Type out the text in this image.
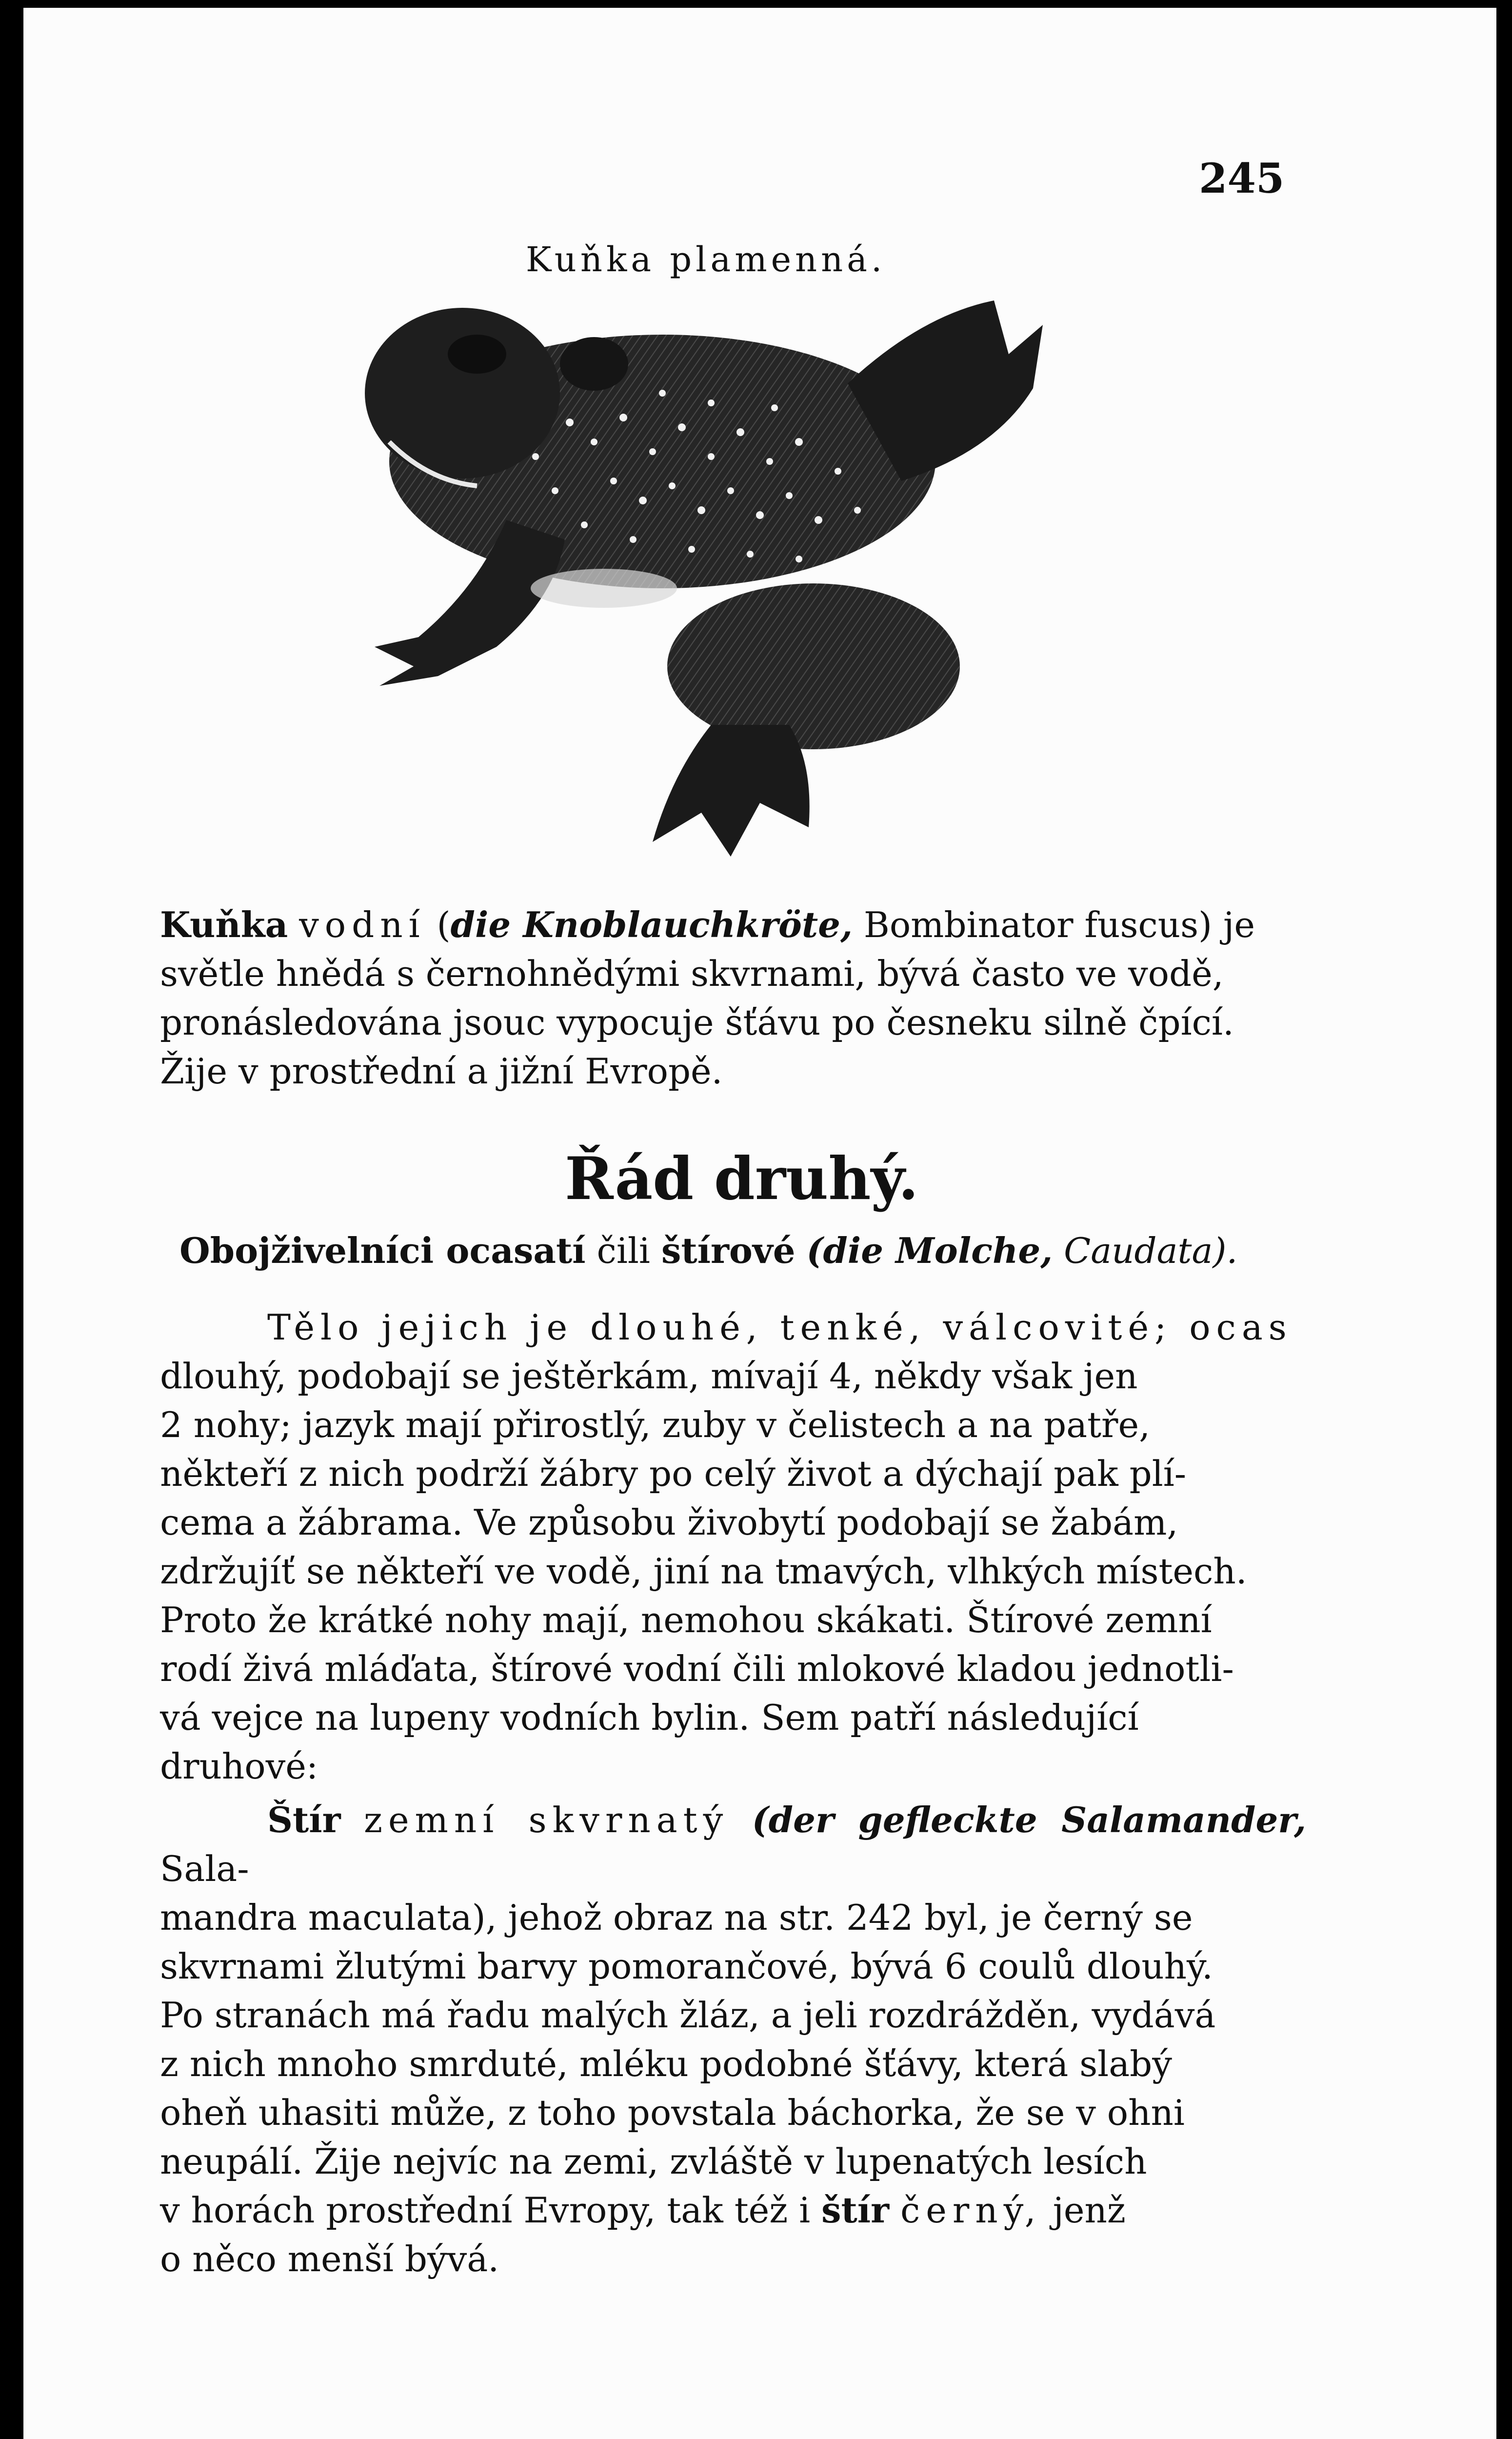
245
Kuňka plamenná.

Kuňka vodní (die Knoblauchkröte, Bombinator fuscus) je

světle hnědá s černohnědými skvrnami, bývá často ve vodě,

pronásledována jsouc vypocuje šťávu po česneku silně čpící.

Žije v prostřední a jižní Evropě.

Řád druhý.
Obojživelníci ocasatí čili štírové (die Molche, Caudata).

Tělo jejich je dlouhé, tenké, válcovité; ocas

dlouhý, podobají se ještěrkám, mívají 4, někdy však jen

2 nohy; jazyk mají přirostlý, zuby v čelistech a na patře,

někteří z nich podrží žábry po celý život a dýchají pak plí-

cema a žábrama. Ve způsobu živobytí podobají se žabám,

zdržujíť se někteří ve vodě, jiní na tmavých, vlhkých místech.

Proto že krátké nohy mají, nemohou skákati. Štírové zemní

rodí živá mláďata, štírové vodní čili mlokové kladou jednotli-

vá vejce na lupeny vodních bylin. Sem patří následující

druhové:

Štír zemní skvrnatý (der gefleckte Salamander, Sala-

mandra maculata), jehož obraz na str. 242 byl, je černý se

skvrnami žlutými barvy pomorančové, bývá 6 coulů dlouhý.

Po stranách má řadu malých žláz, a jeli rozdrážděn, vydává

z nich mnoho smrduté, mléku podobné šťávy, která slabý

oheň uhasiti může, z toho povstala báchorka, že se v ohni

neupálí. Žije nejvíc na zemi, zvláště v lupenatých lesích

v horách prostřední Evropy, tak též i štír černý, jenž

o něco menší bývá.
